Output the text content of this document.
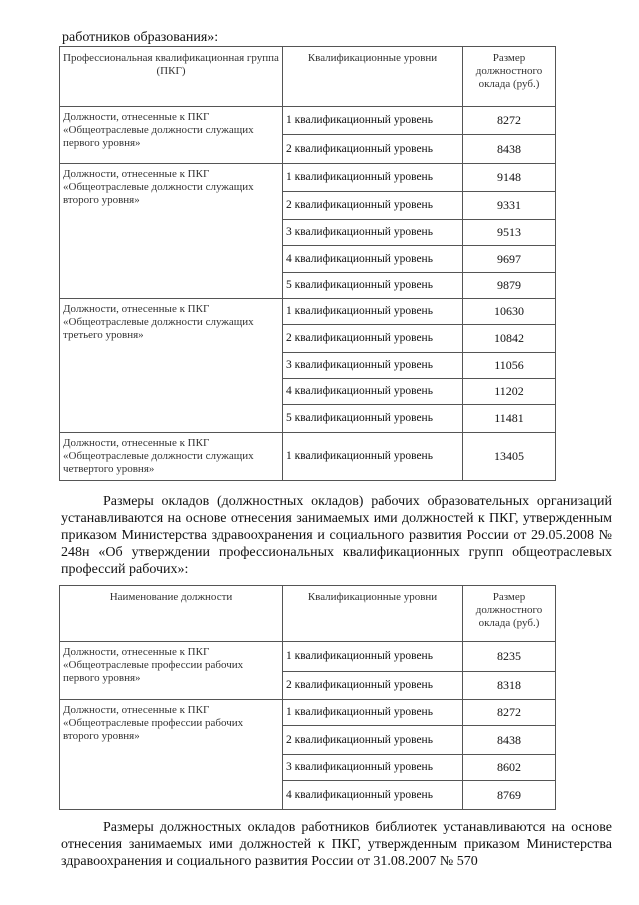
работников образования»:
Профессиональная квалификационная группа (ПКГ)	Квалификационные уровни	Размер должностного оклада (руб.)
Должности, отнесенные к ПКГ «Общеотраслевые должности служащих первого уровня»	1 квалификационный уровень	8272
	2 квалификационный уровень	8438
Должности, отнесенные к ПКГ «Общеотраслевые должности служащих второго уровня»	1 квалификационный уровень	9148
	2 квалификационный уровень	9331
	3 квалификационный уровень	9513
	4 квалификационный уровень	9697
	5 квалификационный уровень	9879
Должности, отнесенные к ПКГ «Общеотраслевые должности служащих третьего уровня»	1 квалификационный уровень	10630
	2 квалификационный уровень	10842
	3 квалификационный уровень	11056
	4 квалификационный уровень	11202
	5 квалификационный уровень	11481
Должности, отнесенные к ПКГ «Общеотраслевые должности служащих четвертого уровня»	1 квалификационный уровень	13405

Размеры окладов (должностных окладов) рабочих образовательных организаций устанавливаются на основе отнесения занимаемых ими должностей к ПКГ, утвержденным приказом Министерства здравоохранения и социального развития России от 29.05.2008 № 248н «Об утверждении профессиональных квалификационных групп общеотраслевых профессий рабочих»:

Наименование должности	Квалификационные уровни	Размер должностного оклада (руб.)
Должности, отнесенные к ПКГ «Общеотраслевые профессии рабочих первого уровня»	1 квалификационный уровень	8235
	2 квалификационный уровень	8318
Должности, отнесенные к ПКГ «Общеотраслевые профессии рабочих второго уровня»	1 квалификационный уровень	8272
	2 квалификационный уровень	8438
	3 квалификационный уровень	8602
	4 квалификационный уровень	8769

Размеры должностных окладов работников библиотек устанавливаются на основе отнесения занимаемых ими должностей к ПКГ, утвержденным приказом Министерства здравоохранения и социального развития России от 31.08.2007 № 570
